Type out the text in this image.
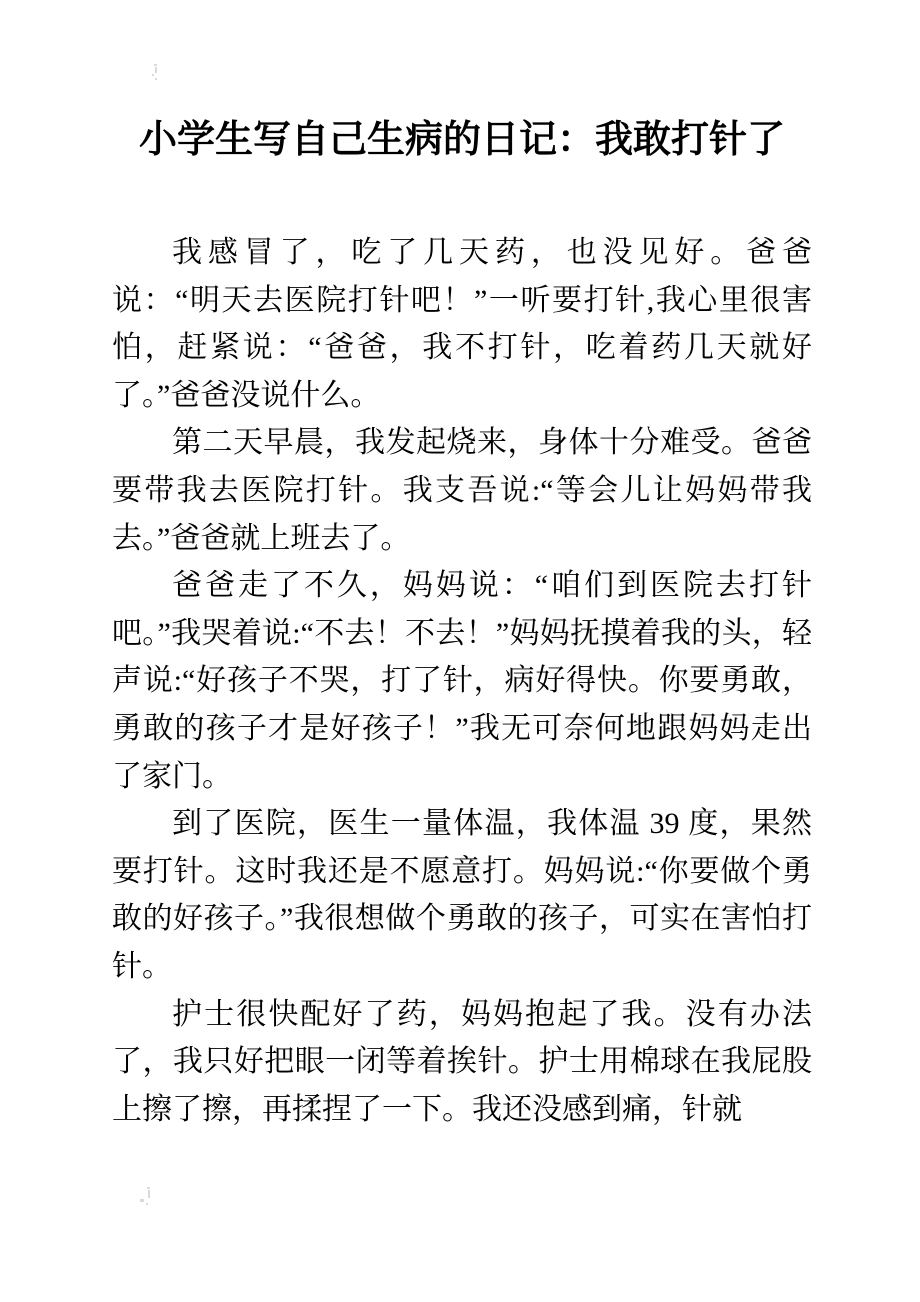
小学生写自己生病的日记：我敢打针了

我感冒了，吃了几天药，也没见好。爸爸说：“明天去医院打针吧！”一听要打针,我心里很害怕，赶紧说：“爸爸，我不打针，吃着药几天就好了。”爸爸没说什么。

第二天早晨，我发起烧来，身体十分难受。爸爸要带我去医院打针。我支吾说:“等会儿让妈妈带我去。”爸爸就上班去了。

爸爸走了不久，妈妈说：“咱们到医院去打针吧。”我哭着说:“不去！不去！”妈妈抚摸着我的头，轻声说:“好孩子不哭，打了针，病好得快。你要勇敢，勇敢的孩子才是好孩子！”我无可奈何地跟妈妈走出了家门。

到了医院，医生一量体温，我体温 39 度，果然要打针。这时我还是不愿意打。妈妈说:“你要做个勇敢的好孩子。”我很想做个勇敢的孩子，可实在害怕打针。

护士很快配好了药，妈妈抱起了我。没有办法了，我只好把眼一闭等着挨针。护士用棉球在我屁股上擦了擦，再揉捏了一下。我还没感到痛，针就
